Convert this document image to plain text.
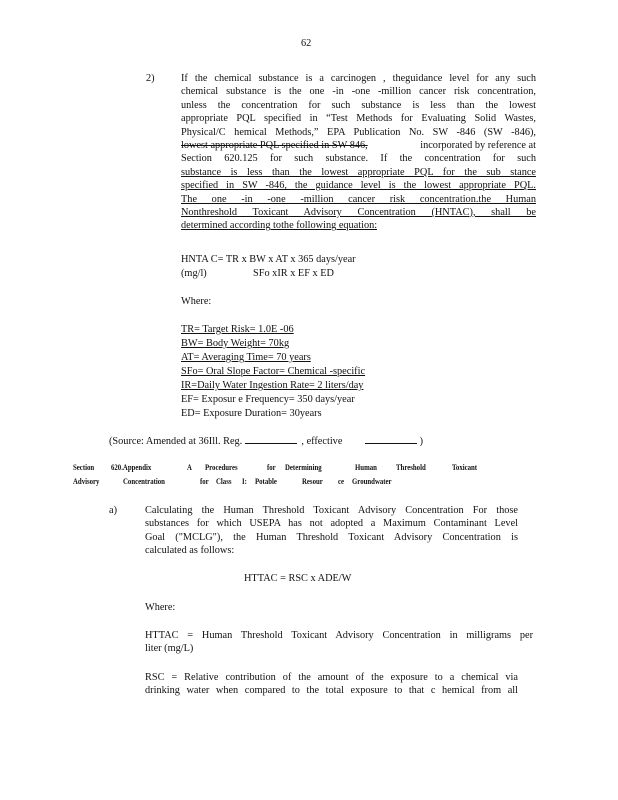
62
2)	If the chemical substance is a carcinogen , theguidance level for any such
chemical substance is the one -in -one -million cancer risk concentration,
unless the concentration for such substance is less than the lowest
appropriate PQL specified in “Test Methods for Evaluating Solid Wastes,
Physical/C hemical Methods,” EPA Publication No. SW -846 (SW -846),
lowest appropriate PQL specified in SW 846,	incorporated by reference at
Section 620.125 for such substance. If the concentration for such
substance is less than the lowest appropriate PQL for the sub stance
specified in SW -846, the guidance level is the lowest appropriate PQL.
The one -in -one -million cancer risk concentration.the Human
Nonthreshold Toxicant Advisory Concentration (HNTAC), shall be
determined according tothe following equation:
HNTA C= TR x BW x AT x 365 days/year
(mg/l)	SFo xIR x EF x ED
Where:
TR= Target Risk= 1.0E -06
BW= Body Weight= 70kg
AT= Averaging Time= 70 years
SFo= Oral Slope Factor= Chemical -specific
IR=Daily Water Ingestion Rate= 2 liters/day
EF= Exposur e Frequency= 350 days/year
ED= Exposure Duration= 30years
(Source: Amended at 36Ill. Reg.	, effective	)
Section 620.Appendix	A Procedures	for Determining	Human Threshold	Toxicant
Advisory	Concentration	for Class I: Potable	Resour ce Groundwater
a)	Calculating the Human Threshold Toxicant Advisory Concentration For those
substances for which USEPA has not adopted a Maximum Contaminant Level
Goal ("MCLG"), the Human Threshold Toxicant Advisory Concentration is
calculated as follows:
HTTAC = RSC x ADE/W
Where:
HTTAC = Human Threshold Toxicant Advisory Concentration in milligrams per
liter (mg/L)
RSC = Relative contribution of the amount of the exposure to a chemical via
drinking water when compared to the total exposure to that c hemical from all
